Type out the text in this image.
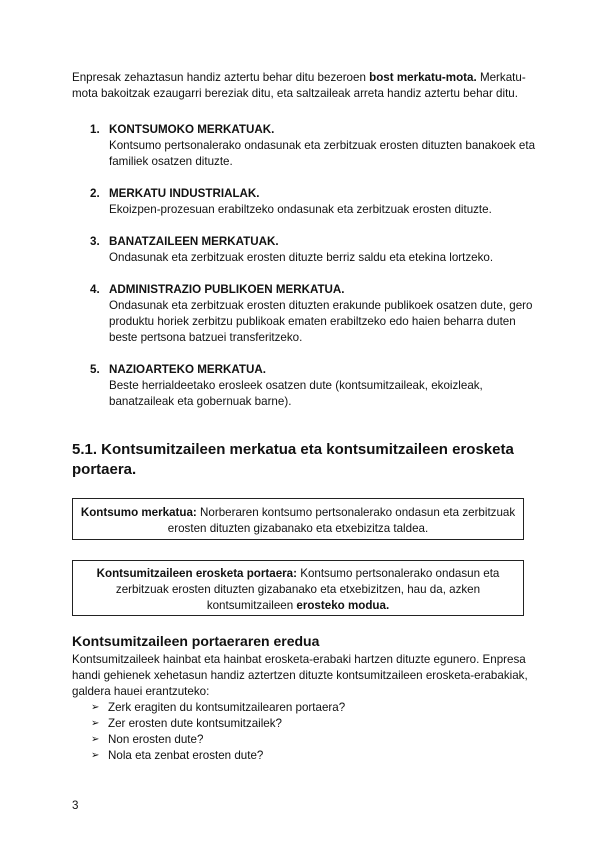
Enpresak zehaztasun handiz aztertu behar ditu bezeroen bost merkatu-mota. Merkatu-mota bakoitzak ezaugarri bereziak ditu, eta saltzaileak arreta handiz aztertu behar ditu.
1. KONTSUMOKO MERKATUAK.
Kontsumo pertsonalerako ondasunak eta zerbitzuak erosten dituzten banakoek eta familiek osatzen dituzte.
2. MERKATU INDUSTRIALAK.
Ekoizpen-prozesuan erabiltzeko ondasunak eta zerbitzuak erosten dituzte.
3. BANATZAILEEN MERKATUAK.
Ondasunak eta zerbitzuak erosten dituzte berriz saldu eta etekina lortzeko.
4. ADMINISTRAZIO PUBLIKOEN MERKATUA.
Ondasunak eta zerbitzuak erosten dituzten erakunde publikoek osatzen dute, gero produktu horiek zerbitzu publikoak ematen erabiltzeko edo haien beharra duten beste pertsona batzuei transferitzeko.
5. NAZIOARTEKO MERKATUA.
Beste herrialdeetako erosleek osatzen dute (kontsumitzaileak, ekoizleak, banatzaileak eta gobernuak barne).
5.1. Kontsumitzaileen merkatua eta kontsumitzaileen erosketa portaera.
Kontsumo merkatua: Norberaren kontsumo pertsonalerako ondasun eta zerbitzuak erosten dituzten gizabanako eta etxebizitza taldea.
Kontsumitzaileen erosketa portaera: Kontsumo pertsonalerako ondasun eta zerbitzuak erosten dituzten gizabanako eta etxebizitzen, hau da, azken kontsumitzaileen erosteko modua.
Kontsumitzaileen portaeraren eredua
Kontsumitzaileek hainbat eta hainbat erosketa-erabaki hartzen dituzte egunero. Enpresa handi gehienek xehetasun handiz aztertzen dituzte kontsumitzaileen erosketa-erabakiak, galdera hauei erantzuteko:
➢ Zerk eragiten du kontsumitzailearen portaera?
➢ Zer erosten dute kontsumitzailek?
➢ Non erosten dute?
➢ Nola eta zenbat erosten dute?
3
